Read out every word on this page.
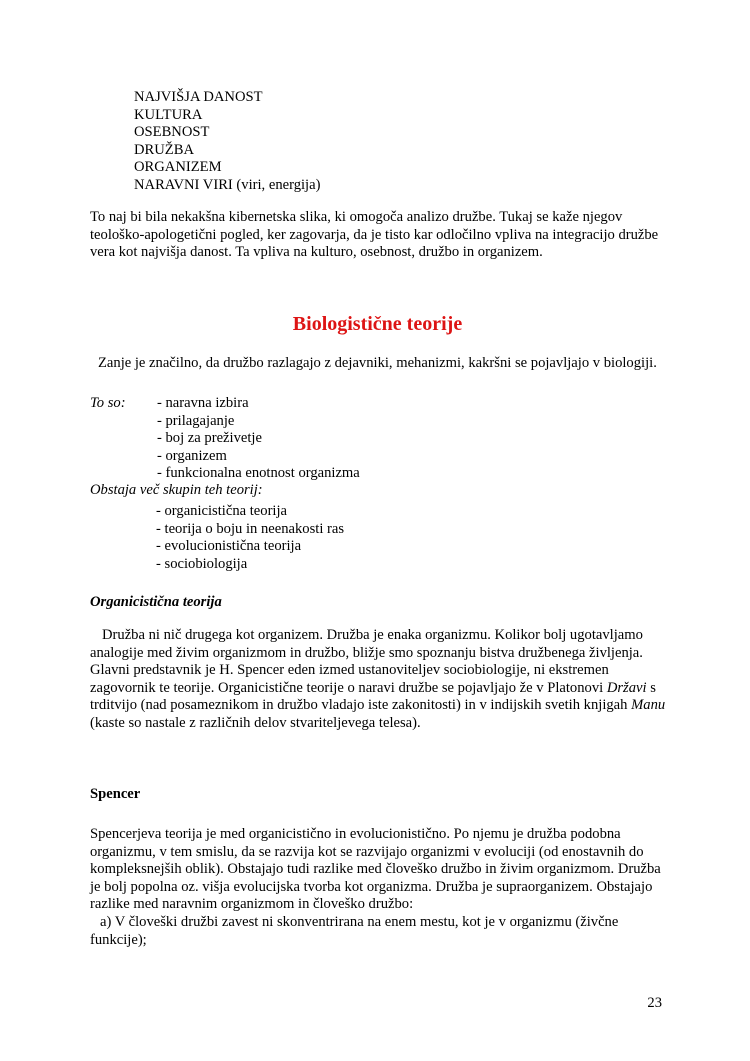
NAJVIŠJA DANOST
KULTURA
OSEBNOST
DRUŽBA
ORGANIZEM
NARAVNI VIRI (viri, energija)
To naj bi bila nekakšna kibernetska slika, ki omogoča analizo družbe. Tukaj se kaže njegov teološko-apologetični pogled, ker zagovarja, da je tisto kar odločilno vpliva na integracijo družbe vera kot najvišja danost. Ta vpliva na kulturo, osebnost, družbo in organizem.
Biologistične teorije
Zanje je značilno, da družbo razlagajo z dejavniki, mehanizmi, kakršni se pojavljajo v biologiji.
To so:	- naravna izbira
- prilagajanje
- boj za preživetje
- organizem
- funkcionalna enotnost organizma
Obstaja več skupin teh teorij:
- organicistična teorija
- teorija o boju in neenakosti ras
- evolucionistična teorija
- sociobiologija
Organicistična teorija
Družba ni nič drugega kot organizem. Družba je enaka organizmu. Kolikor bolj ugotavljamo analogije med živim organizmom in družbo, bližje smo spoznanju bistva družbenega življenja. Glavni predstavnik je H. Spencer eden izmed ustanoviteljev sociobiologije, ni ekstremen zagovornik te teorije. Organicistične teorije o naravi družbe se pojavljajo že v Platonovi Državi s trditvijo (nad posameznikom in družbo vladajo iste zakonitosti) in v indijskih svetih knjigah Manu (kaste so nastale z različnih delov stvariteljevega telesa).
Spencer
Spencerjeva teorija je med organicistično in evolucionistično. Po njemu je družba podobna organizmu, v tem smislu, da se razvija kot se razvijajo organizmi v evoluciji (od enostavnih do kompleksnejših oblik). Obstajajo tudi razlike med človeško družbo in živim organizmom. Družba je bolj popolna oz. višja evolucijska tvorba kot organizma. Družba je supraorganizem. Obstajajo razlike med naravnim organizmom in človeško družbo:
a) V človeški družbi zavest ni skonventrirana na enem mestu, kot je v organizmu (živčne funkcije);
23
